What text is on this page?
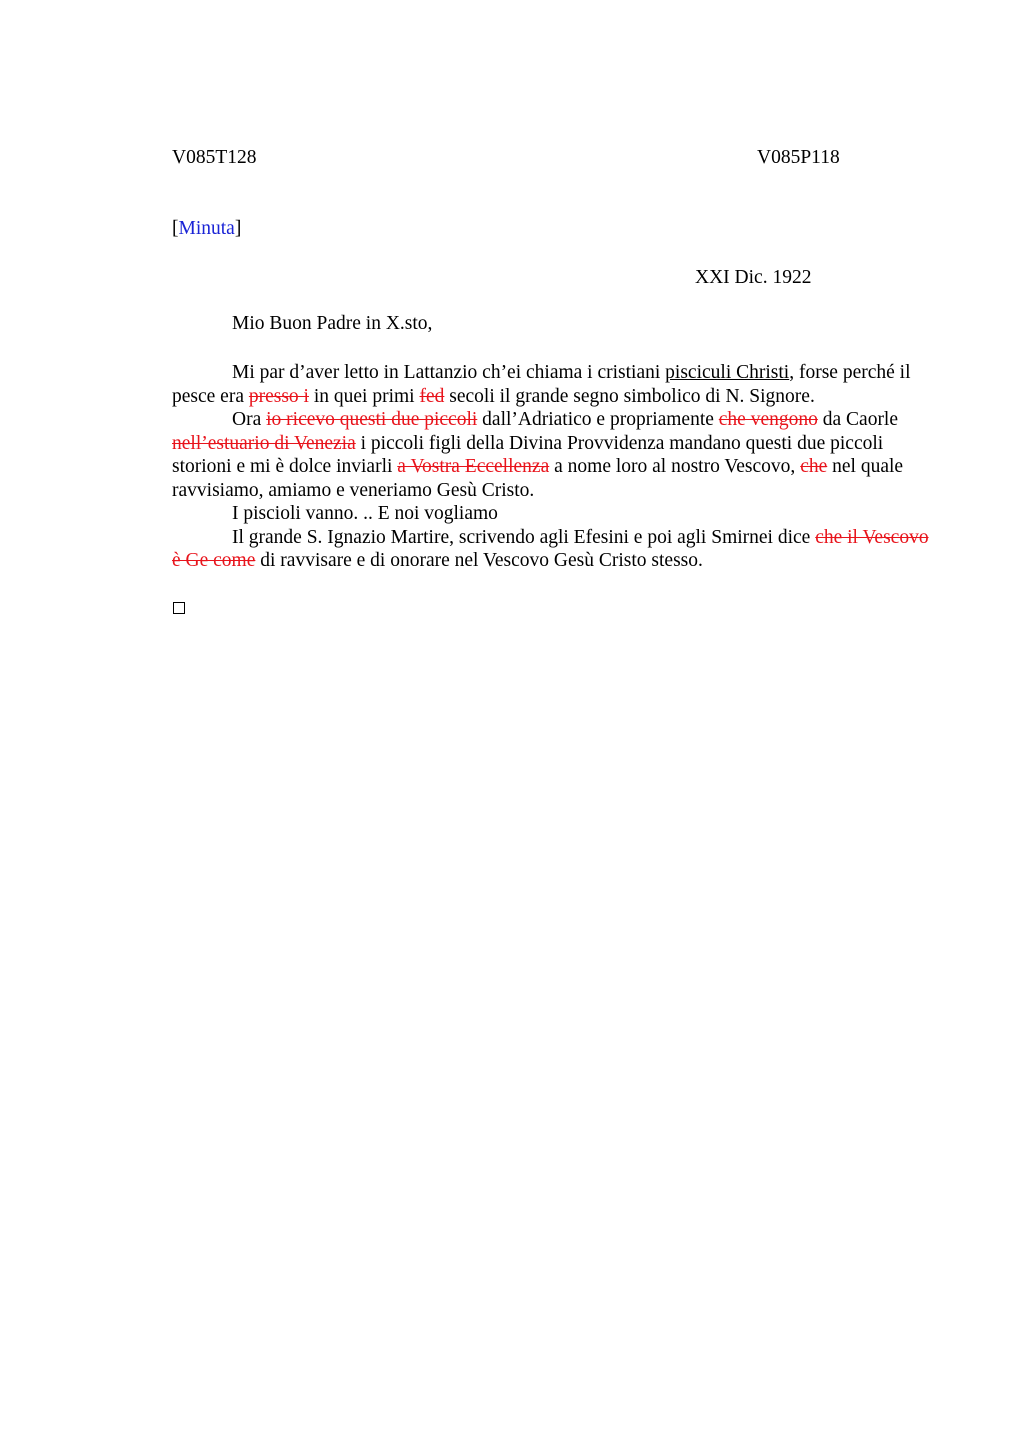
V085T128	V085P118
[Minuta]
XXI Dic. 1922
Mio Buon Padre in X.sto,

Mi par d’aver letto in Lattanzio ch’ei chiama i cristiani pisciculi Christi, forse perché il pesce era presso i in quei primi fed secoli il grande segno simbolico di N. Signore.

Ora io ricevo questi due piccoli dall’Adriatico e propriamente che vengono da Caorle nell’estuario di Venezia i piccoli figli della Divina Provvidenza mandano questi due piccoli storioni e mi è dolce inviarli a Vostra Eccellenza a nome loro al nostro Vescovo, che nel quale ravvisiamo, amiamo e veneriamo Gesù Cristo.

I piscioli vanno. .. E noi vogliamo

Il grande S. Ignazio Martire, scrivendo agli Efesini e poi agli Smirnei dice che il Vescovo è Ge come di ravvisare e di onorare nel Vescovo Gesù Cristo stesso.
